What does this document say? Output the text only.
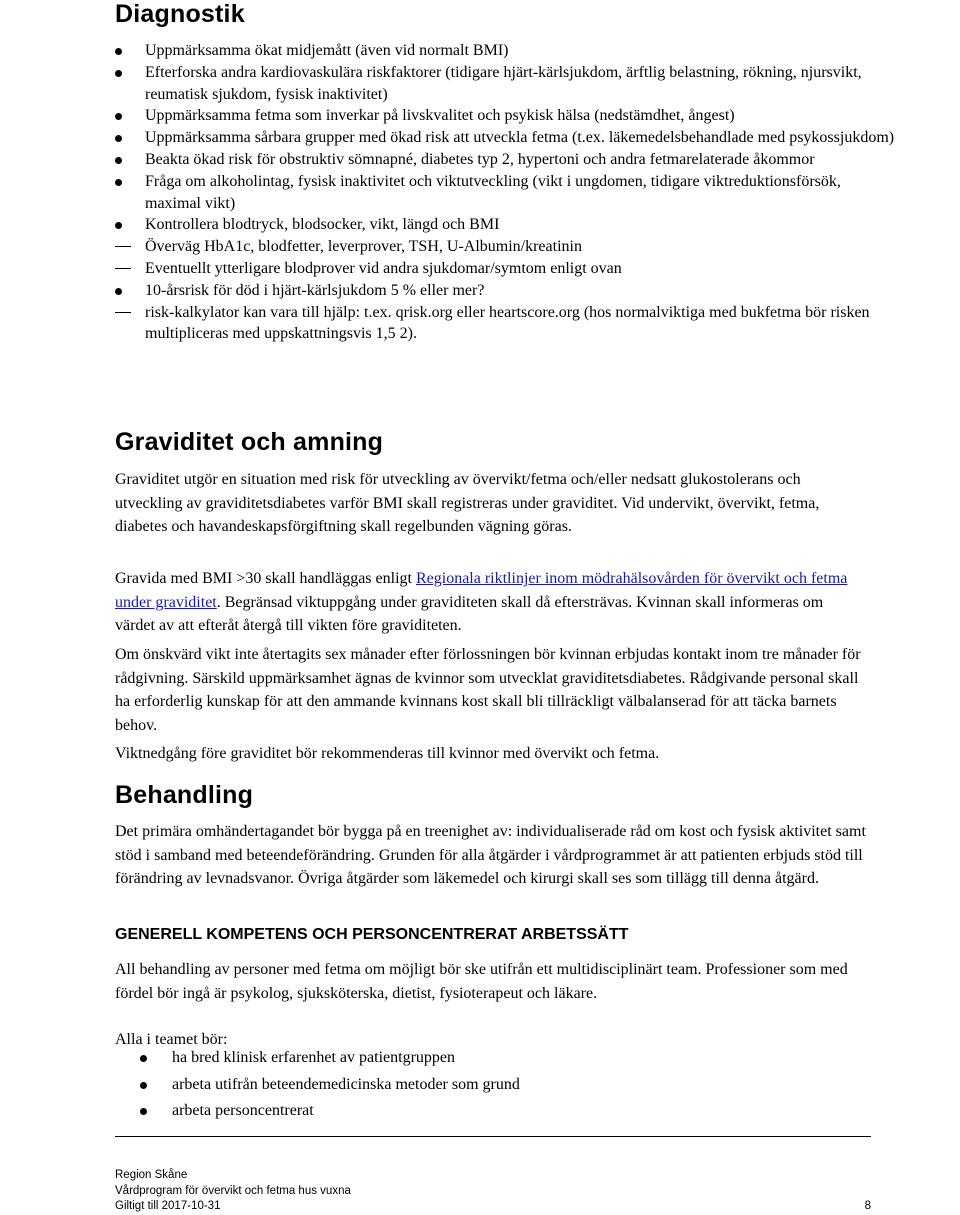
Diagnostik
Uppmärksamma ökat midjemått (även vid normalt BMI)
Efterforska andra kardiovaskulära riskfaktorer (tidigare hjärt-kärlsjukdom, ärftlig belastning, rökning, njursvikt, reumatisk sjukdom, fysisk inaktivitet)
Uppmärksamma fetma som inverkar på livskvalitet och psykisk hälsa (nedstämdhet, ångest)
Uppmärksamma sårbara grupper med ökad risk att utveckla fetma (t.ex. läkemedelsbehandlade med psykossjukdom)
Beakta ökad risk för obstruktiv sömnapné, diabetes typ 2, hypertoni och andra fetmarelaterade åkommor
Fråga om alkoholintag, fysisk inaktivitet och viktutveckling (vikt i ungdomen, tidigare viktreduktionsförsök, maximal vikt)
Kontrollera blodtryck, blodsocker, vikt, längd och BMI
Överväg HbA1c, blodfetter, leverprover, TSH, U-Albumin/kreatinin
Eventuellt ytterligare blodprover vid andra sjukdomar/symtom enligt ovan
10-årsrisk för död i hjärt-kärlsjukdom 5 % eller mer?
risk-kalkylator kan vara till hjälp: t.ex. qrisk.org eller heartscore.org (hos normalviktiga med bukfetma bör risken multipliceras med uppskattningsvis 1,5 2).
Graviditet och amning

Graviditet utgör en situation med risk för utveckling av övervikt/fetma och/eller nedsatt glukostolerans och utveckling av graviditetsdiabetes varför BMI skall registreras under graviditet. Vid undervikt, övervikt, fetma, diabetes och havandeskapsförgiftning skall regelbunden vägning göras.

Gravida med BMI >30 skall handläggas enligt Regionala riktlinjer inom mödrahälsovården för övervikt och fetma under graviditet. Begränsad viktuppgång under graviditeten skall då eftersträvas. Kvinnan skall informeras om värdet av att efteråt återgå till vikten före graviditeten.

Om önskvärd vikt inte återtagits sex månader efter förlossningen bör kvinnan erbjudas kontakt inom tre månader för rådgivning. Särskild uppmärksamhet ägnas de kvinnor som utvecklat graviditetsdiabetes. Rådgivande personal skall ha erforderlig kunskap för att den ammande kvinnans kost skall bli tillräckligt välbalanserad för att täcka barnets behov.

Viktnedgång före graviditet bör rekommenderas till kvinnor med övervikt och fetma.

Behandling

Det primära omhändertagandet bör bygga på en treenighet av: individualiserade råd om kost och fysisk aktivitet samt stöd i samband med beteendeförändring. Grunden för alla åtgärder i vårdprogrammet är att patienten erbjuds stöd till förändring av levnadsvanor. Övriga åtgärder som läkemedel och kirurgi skall ses som tillägg till denna åtgärd.

GENERELL KOMPETENS OCH PERSONCENTRERAT ARBETSSÄTT

All behandling av personer med fetma om möjligt bör ske utifrån ett multidisciplinärt team. Professioner som med fördel bör ingå är psykolog, sjuksköterska, dietist, fysioterapeut och läkare.

Alla i teamet bör:

ha bred klinisk erfarenhet av patientgruppen
arbeta utifrån beteendemedicinska metoder som grund
arbeta personcentrerat
Region Skåne
Vårdprogram för övervikt och fetma hus vuxna
Giltigt till 2017-10-31	8
